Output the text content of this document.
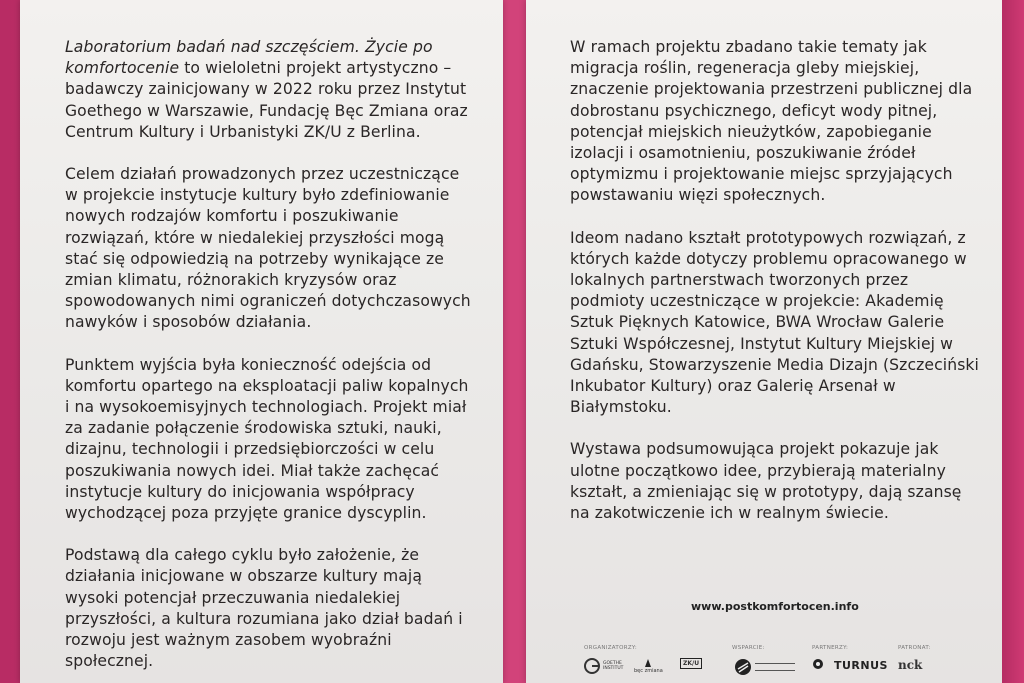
Laboratorium badań nad szczęściem. Życie po komfortocenie to wieloletni projekt artystyczno – badawczy zainicjowany w 2022 roku przez Instytut Goethego w Warszawie, Fundację Bęc Zmiana oraz Centrum Kultury i Urbanistyki ZK/U z Berlina.

Celem działań prowadzonych przez uczestniczące w projekcie instytucje kultury było zdefiniowanie nowych rodzajów komfortu i poszukiwanie rozwiązań, które w niedalekiej przyszłości mogą stać się odpowiedzią na potrzeby wynikające ze zmian klimatu, różnorakich kryzysów oraz spowodowanych nimi ograniczeń dotychczasowych nawyków i sposobów działania.

Punktem wyjścia była konieczność odejścia od komfortu opartego na eksploatacji paliw kopalnych i na wysokoemisyjnych technologiach. Projekt miał za zadanie połączenie środowiska sztuki, nauki, dizajnu, technologii i przedsiębiorczości w celu poszukiwania nowych idei. Miał także zachęcać instytucje kultury do inicjowania współpracy wychodzącej poza przyjęte granice dyscyplin.

Podstawą dla całego cyklu było założenie, że działania inicjowane w obszarze kultury mają wysoki potencjał przeczuwania niedalekiej przyszłości, a kultura rozumiana jako dział badań i rozwoju jest ważnym zasobem wyobraźni społecznej.

W ramach projektu zbadano takie tematy jak migracja roślin, regeneracja gleby miejskiej, znaczenie projektowania przestrzeni publicznej dla dobrostanu psychicznego, deficyt wody pitnej, potencjał miejskich nieużytków, zapobieganie izolacji i osamotnieniu, poszukiwanie źródeł optymizmu i projektowanie miejsc sprzyjających powstawaniu więzi społecznych.

Ideom nadano kształt prototypowych rozwiązań, z których każde dotyczy problemu opracowanego w lokalnych partnerstwach tworzonych przez podmioty uczestniczące w projekcie: Akademię Sztuk Pięknych Katowice, BWA Wrocław Galerie Sztuki Współczesnej, Instytut Kultury Miejskiej w Gdańsku, Stowarzyszenie Media Dizajn (Szczeciński Inkubator Kultury) oraz Galerię Arsenał w Białymstoku.

Wystawa podsumowująca projekt pokazuje jak ulotne początkowo idee, przybierają materialny kształt, a zmieniając się w prototypy, dają szansę na zakotwiczenie ich w realnym świecie.

www.postkomfortocen.info
ORGANIZATORZY:	WSPARCIE:	PARTNERZY:	PATRONAT:
GOETHE INSTITUT	bęc zmiana
ZK/U	TURNUS nck
